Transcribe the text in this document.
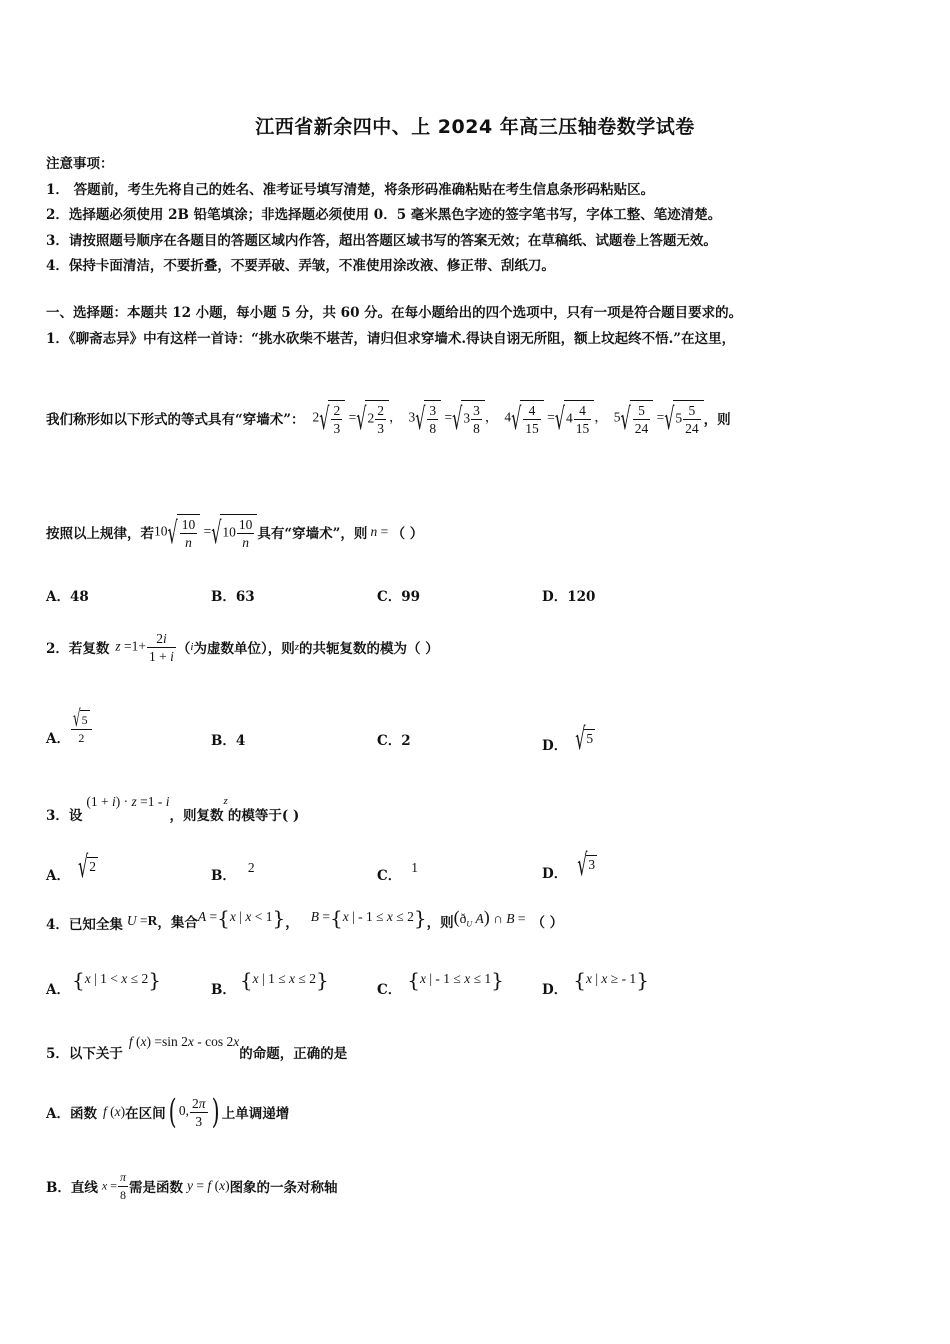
江西省新余四中、上 2024 年高三压轴卷数学试卷
注意事项：
1． 答题前，考生先将自己的姓名、准考证号填写清楚，将条形码准确粘贴在考生信息条形码粘贴区。
2．选择题必须使用 2B 铅笔填涂；非选择题必须使用 0．5 毫米黑色字迹的签字笔书写，字体工整、笔迹清楚。
3．请按照题号顺序在各题目的答题区域内作答，超出答题区域书写的答案无效；在草稿纸、试题卷上答题无效。
4．保持卡面清洁，不要折叠，不要弄破、弄皱，不准使用涂改液、修正带、刮纸刀。
一、选择题：本题共 12 小题，每小题 5 分，共 60 分。在每小题给出的四个选项中，只有一项是符合题目要求的。
1．《聊斋志异》中有这样一首诗：“挑水砍柴不堪苦，请归但求穿墙术.得诀自诩无所阻，额上坟起终不悟.”在这里，
我们称形如以下形式的等式具有“穿墙术”： $2√ \frac{2}{3} =√2 \frac{2}{3}$ ， $3√ \frac{3}{8} =√3 \frac{3}{8}$ ， $4√ \frac{4}{15} =√4 \frac{4}{15}$ ， $5√ \frac{5}{24} =√5 \frac{5}{24}$ ，则
按照以上规律，若 $10√ \frac{10}{n} =√10 \frac{10}{n}$ 具有“穿墙术”，则 n = （ ）
A．48	B．63	C．99	D．120
2．若复数 $z =1+ \frac{2i}{1 + i}$ （ i 为虚数单位），则 z 的共轭复数的模为（ ）
A． $\frac{√5}{2}$	B．4	C．2	D． √5
3．设
(1 + i) · z =1 - i
，则复数
z
的模等于( )
A． √2
B．
2
C．
1	D． √3
4．已知全集 U =R ，集合 A ={x | x < 1} ， B ={x | - 1 ≤ x ≤ 2} ，则 ($ð_U$ A) ∩ B = （ ）
A． {x | 1 < x ≤ 2}	B． {x | 1 ≤ x ≤ 2}	C． {x | - 1 ≤ x ≤ 1}	D． {x | x ≥ - 1}
5．以下关于
f (x) =sin 2x - cos 2x
的命题，正确的是
A．函数 f (x) 在区间 ( 0, $\frac{2\pi}{3}$ ) 上单调递增
B．直线 $x = \frac{\pi}{8}$ 需是函数 y = f (x) 图象的一条对称轴
